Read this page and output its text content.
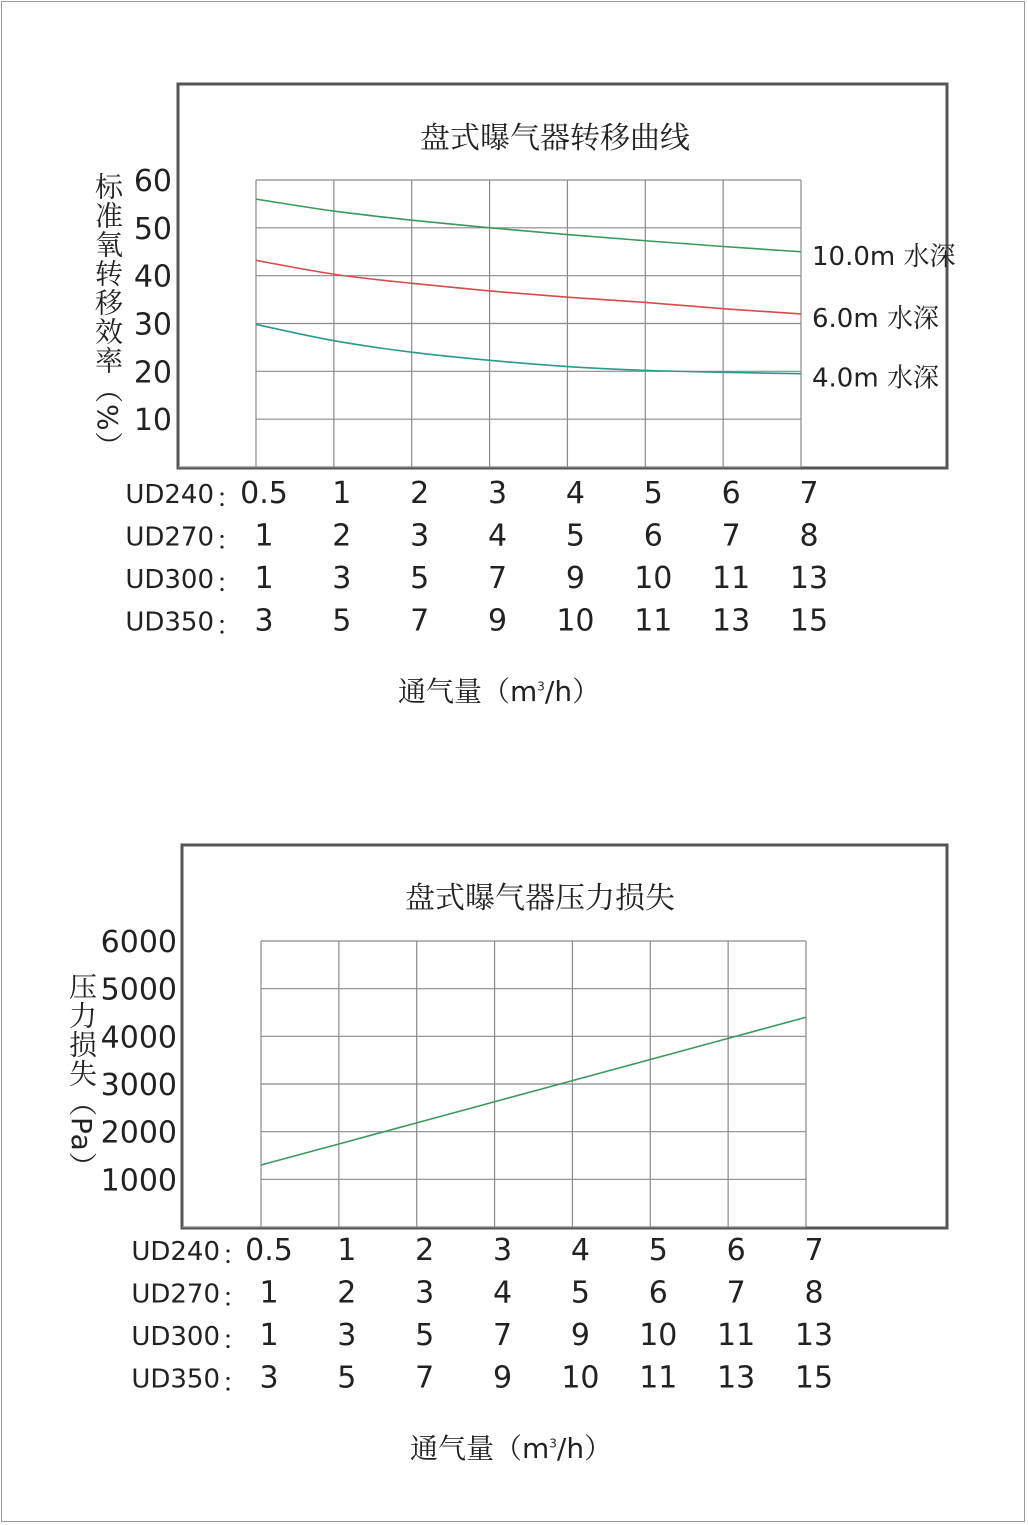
标准氧转移效率（%）
通气量$(m^3/h)$
盘式曝气器转移曲线
10
20
30
40
50
60
10.0m 水深
6.0m 水深
4.0m 水深
UD240 ：
0.5 1 2 3 4 5 6 7
UD270 ： 1 2 3 4 5 6 7 8
UD300 ： 1 3 5 7 9 10 11 13
UD350 ： 3 5 7 9 10 11 13 15
压力损失（Pa）
通气量$(m^3/h)$
盘式曝气器压力损失
1000
2000
3000
4000
5000
6000
UD240 ：
0.5 1 2 3 4 5 6 7
UD270 ： 1 2 3 4 5 6 7 8
UD300 ： 1 3 5 7 9 10 11 13
UD350 ： 3 5 7 9 10 11 13 15
